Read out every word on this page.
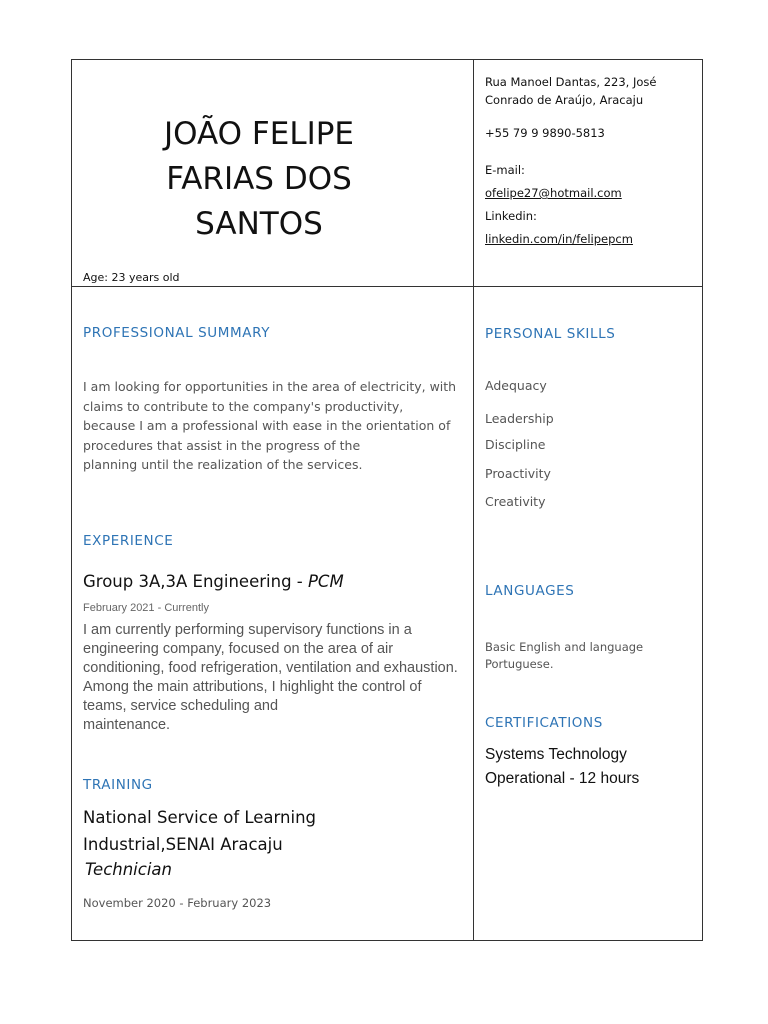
JOÃO FELIPE
FARIAS DOS
SANTOS
Age: 23 years old
Rua Manoel Dantas, 223, José Conrado de Araújo, Aracaju
+55 79 9 9890-5813
E-mail:
ofelipe27@hotmail.com
Linkedin:
linkedin.com/in/felipepcm
PROFESSIONAL SUMMARY
I am looking for opportunities in the area of electricity, with
claims to contribute to the company's productivity,
because I am a professional with ease in the orientation of
procedures that assist in the progress of the
planning until the realization of the services.
EXPERIENCE
Group 3A,3A Engineering - PCM
February 2021 - Currently
I am currently performing supervisory functions in a
engineering company, focused on the area of air
conditioning, food refrigeration, ventilation and exhaustion.
Among the main attributions, I highlight the control of
teams, service scheduling and
maintenance.
TRAINING
National Service of Learning
Industrial,SENAI Aracaju
Technician
November 2020 - February 2023
PERSONAL SKILLS
Adequacy
Leadership
Discipline
Proactivity
Creativity
LANGUAGES
Basic English and language
Portuguese.
CERTIFICATIONS
Systems Technology
Operational - 12 hours
